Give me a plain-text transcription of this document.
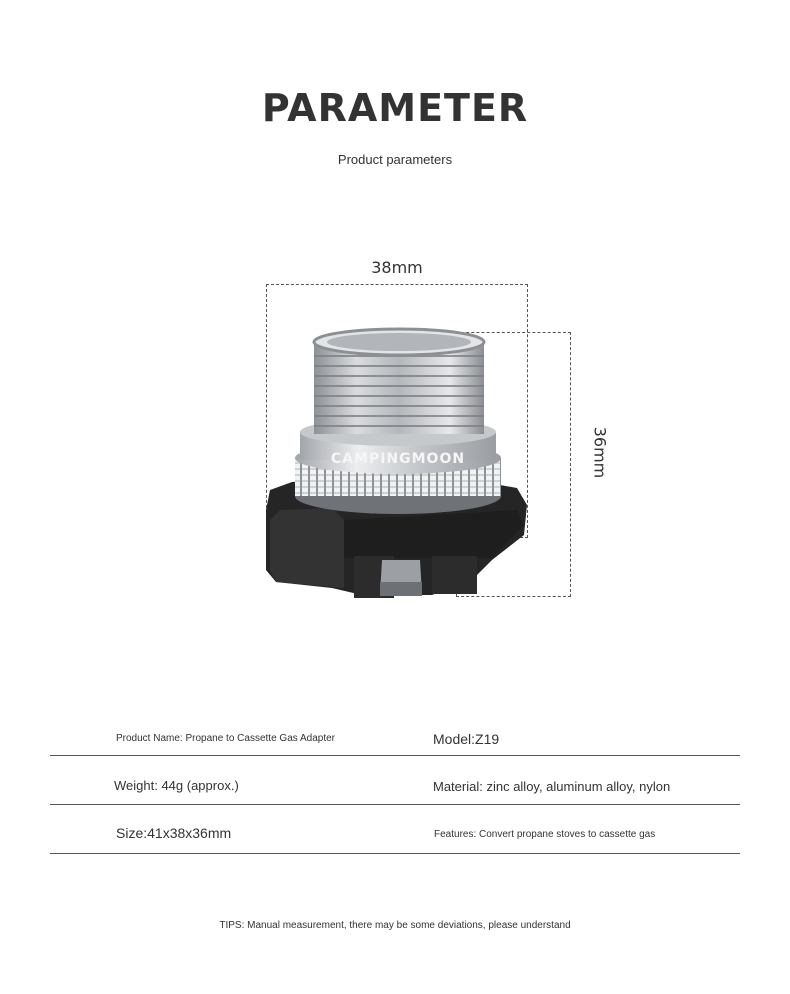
PARAMETER
Product parameters
38mm
CAMPINGMOON	36mm
Product Name: Propane to Cassette Gas Adapter	Model:Z19
Weight: 44g (approx.)	Material: zinc alloy, aluminum alloy, nylon
Size:41x38x36mm	Features: Convert propane stoves to cassette gas
TIPS: Manual measurement, there may be some deviations, please understand
